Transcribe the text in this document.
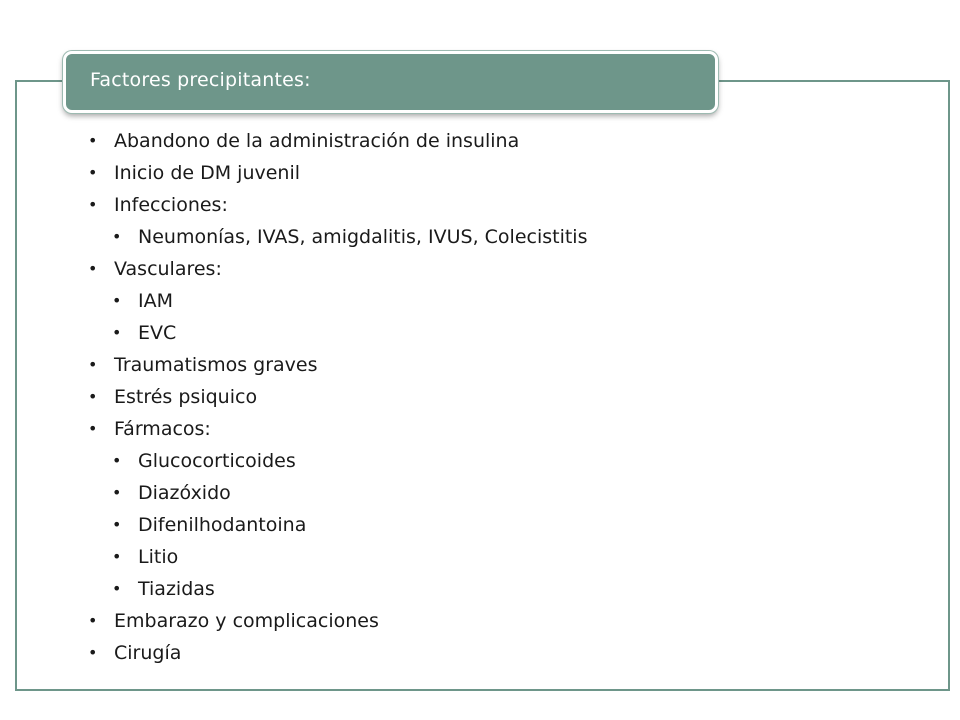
Factores precipitantes:
• Abandono de la administración de insulina
• Inicio de DM juvenil
• Infecciones:
• Neumonías, IVAS, amigdalitis, IVUS, Colecistitis
• Vasculares:
• IAM
• EVC
• Traumatismos graves
• Estrés psiquico
• Fármacos:
• Glucocorticoides
• Diazóxido
• Difenilhodantoina
• Litio
• Tiazidas
• Embarazo y complicaciones
• Cirugía
